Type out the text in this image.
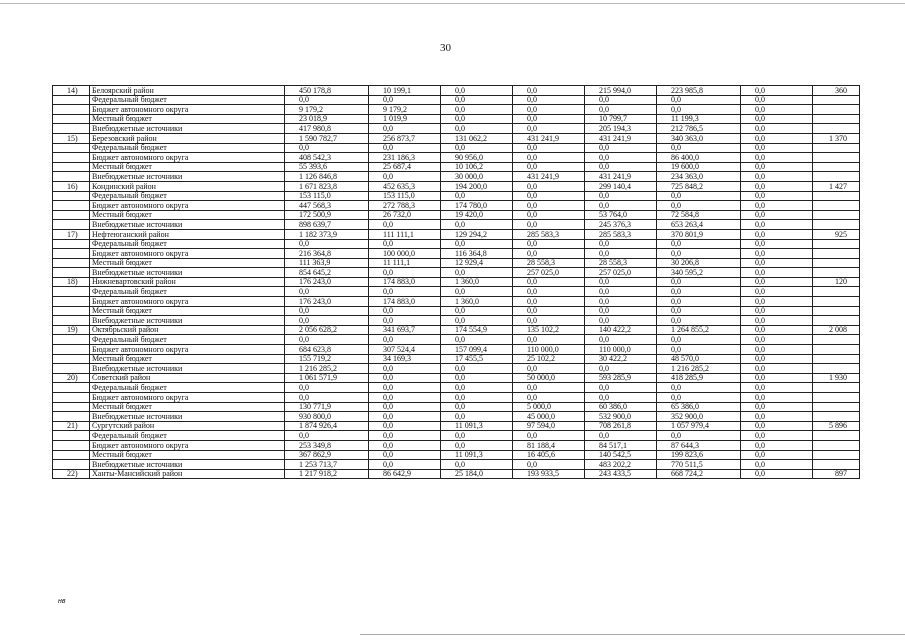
30
14)	Белоярский район	450 178,8	10 199,1	0,0	0,0	215 994,0	223 985,8	0,0	360
	Федеральный бюджет	0,0	0,0	0,0	0,0	0,0	0,0	0,0	
	Бюджет автономного округа	9 179,2	9 179,2	0,0	0,0	0,0	0,0	0,0	
	Местный бюджет	23 018,9	1 019,9	0,0	0,0	10 799,7	11 199,3	0,0	
	Внебюджетные источники	417 980,8	0,0	0,0	0,0	205 194,3	212 786,5	0,0	
15)	Березовский район	1 590 782,7	256 873,7	131 062,2	431 241,9	431 241,9	340 363,0	0,0	1 370
	Федеральный бюджет	0,0	0,0	0,0	0,0	0,0	0,0	0,0	
	Бюджет автономного округа	408 542,3	231 186,3	90 956,0	0,0	0,0	86 400,0	0,0	
	Местный бюджет	55 393,6	25 687,4	10 106,2	0,0	0,0	19 600,0	0,0	
	Внебюджетные источники	1 126 846,8	0,0	30 000,0	431 241,9	431 241,9	234 363,0	0,0	
16)	Кондинский район	1 671 823,8	452 635,3	194 200,0	0,0	299 140,4	725 848,2	0,0	1 427
	Федеральный бюджет	153 115,0	153 115,0	0,0	0,0	0,0	0,0	0,0	
	Бюджет автономного округа	447 568,3	272 788,3	174 780,0	0,0	0,0	0,0	0,0	
	Местный бюджет	172 500,9	26 732,0	19 420,0	0,0	53 764,0	72 584,8	0,0	
	Внебюджетные источники	898 639,7	0,0	0,0	0,0	245 376,3	653 263,4	0,0	
17)	Нефтеюганский район	1 182 373,9	111 111,1	129 294,2	285 583,3	285 583,3	370 801,9	0,0	925
	Федеральный бюджет	0,0	0,0	0,0	0,0	0,0	0,0	0,0	
	Бюджет автономного округа	216 364,8	100 000,0	116 364,8	0,0	0,0	0,0	0,0	
	Местный бюджет	111 363,9	11 111,1	12 929,4	28 558,3	28 558,3	30 206,8	0,0	
	Внебюджетные источники	854 645,2	0,0	0,0	257 025,0	257 025,0	340 595,2	0,0	
18)	Нижневартовский район	176 243,0	174 883,0	1 360,0	0,0	0,0	0,0	0,0	120
	Федеральный бюджет	0,0	0,0	0,0	0,0	0,0	0,0	0,0	
	Бюджет автономного округа	176 243,0	174 883,0	1 360,0	0,0	0,0	0,0	0,0	
	Местный бюджет	0,0	0,0	0,0	0,0	0,0	0,0	0,0	
	Внебюджетные источники	0,0	0,0	0,0	0,0	0,0	0,0	0,0	
19)	Октябрьский район	2 056 628,2	341 693,7	174 554,9	135 102,2	140 422,2	1 264 855,2	0,0	2 008
	Федеральный бюджет	0,0	0,0	0,0	0,0	0,0	0,0	0,0	
	Бюджет автономного округа	684 623,8	307 524,4	157 099,4	110 000,0	110 000,0	0,0	0,0	
	Местный бюджет	155 719,2	34 169,3	17 455,5	25 102,2	30 422,2	48 570,0	0,0	
	Внебюджетные источники	1 216 285,2	0,0	0,0	0,0	0,0	1 216 285,2	0,0	
20)	Советский район	1 061 571,9	0,0	0,0	50 000,0	593 285,9	418 285,9	0,0	1 930
	Федеральный бюджет	0,0	0,0	0,0	0,0	0,0	0,0	0,0	
	Бюджет автономного округа	0,0	0,0	0,0	0,0	0,0	0,0	0,0	
	Местный бюджет	130 771,9	0,0	0,0	5 000,0	60 386,0	65 386,0	0,0	
	Внебюджетные источники	930 800,0	0,0	0,0	45 000,0	532 900,0	352 900,0	0,0	
21)	Сургутский район	1 874 926,4	0,0	11 091,3	97 594,0	708 261,8	1 057 979,4	0,0	5 896
	Федеральный бюджет	0,0	0,0	0,0	0,0	0,0	0,0	0,0	
	Бюджет автономного округа	253 349,8	0,0	0,0	81 188,4	84 517,1	87 644,3	0,0	
	Местный бюджет	367 862,9	0,0	11 091,3	16 405,6	140 542,5	199 823,6	0,0	
	Внебюджетные источники	1 253 713,7	0,0	0,0	0,0	483 202,2	770 511,5	0,0	
22)	Ханты-Мансийский район	1 217 918,2	86 642,9	25 184,0	193 933,5	243 433,5	668 724,2	0,0	897
нв
